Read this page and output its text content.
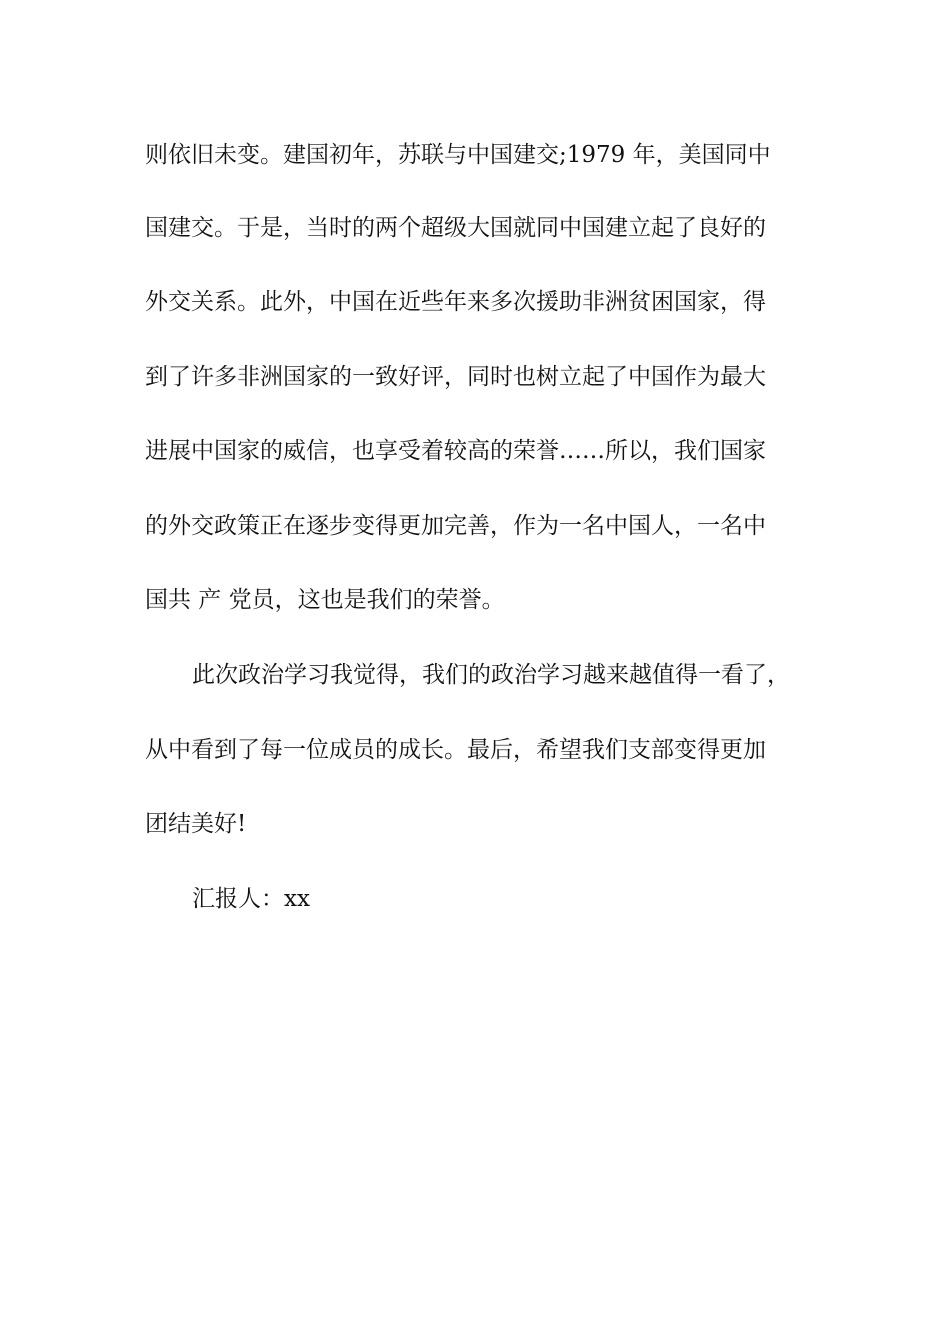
则依旧未变。建国初年，苏联与中国建交;1979 年，美国同中
国建交。于是，当时的两个超级大国就同中国建立起了良好的
外交关系。此外，中国在近些年来多次援助非洲贫困国家，得
到了许多非洲国家的一致好评，同时也树立起了中国作为最大
进展中国家的威信，也享受着较高的荣誉……所以，我们国家
的外交政策正在逐步变得更加完善，作为一名中国人，一名中
国共 产 党员，这也是我们的荣誉。
此次政治学习我觉得，我们的政治学习越来越值得一看了，
从中看到了每一位成员的成长。最后，希望我们支部变得更加
团结美好!
汇报人：xx
